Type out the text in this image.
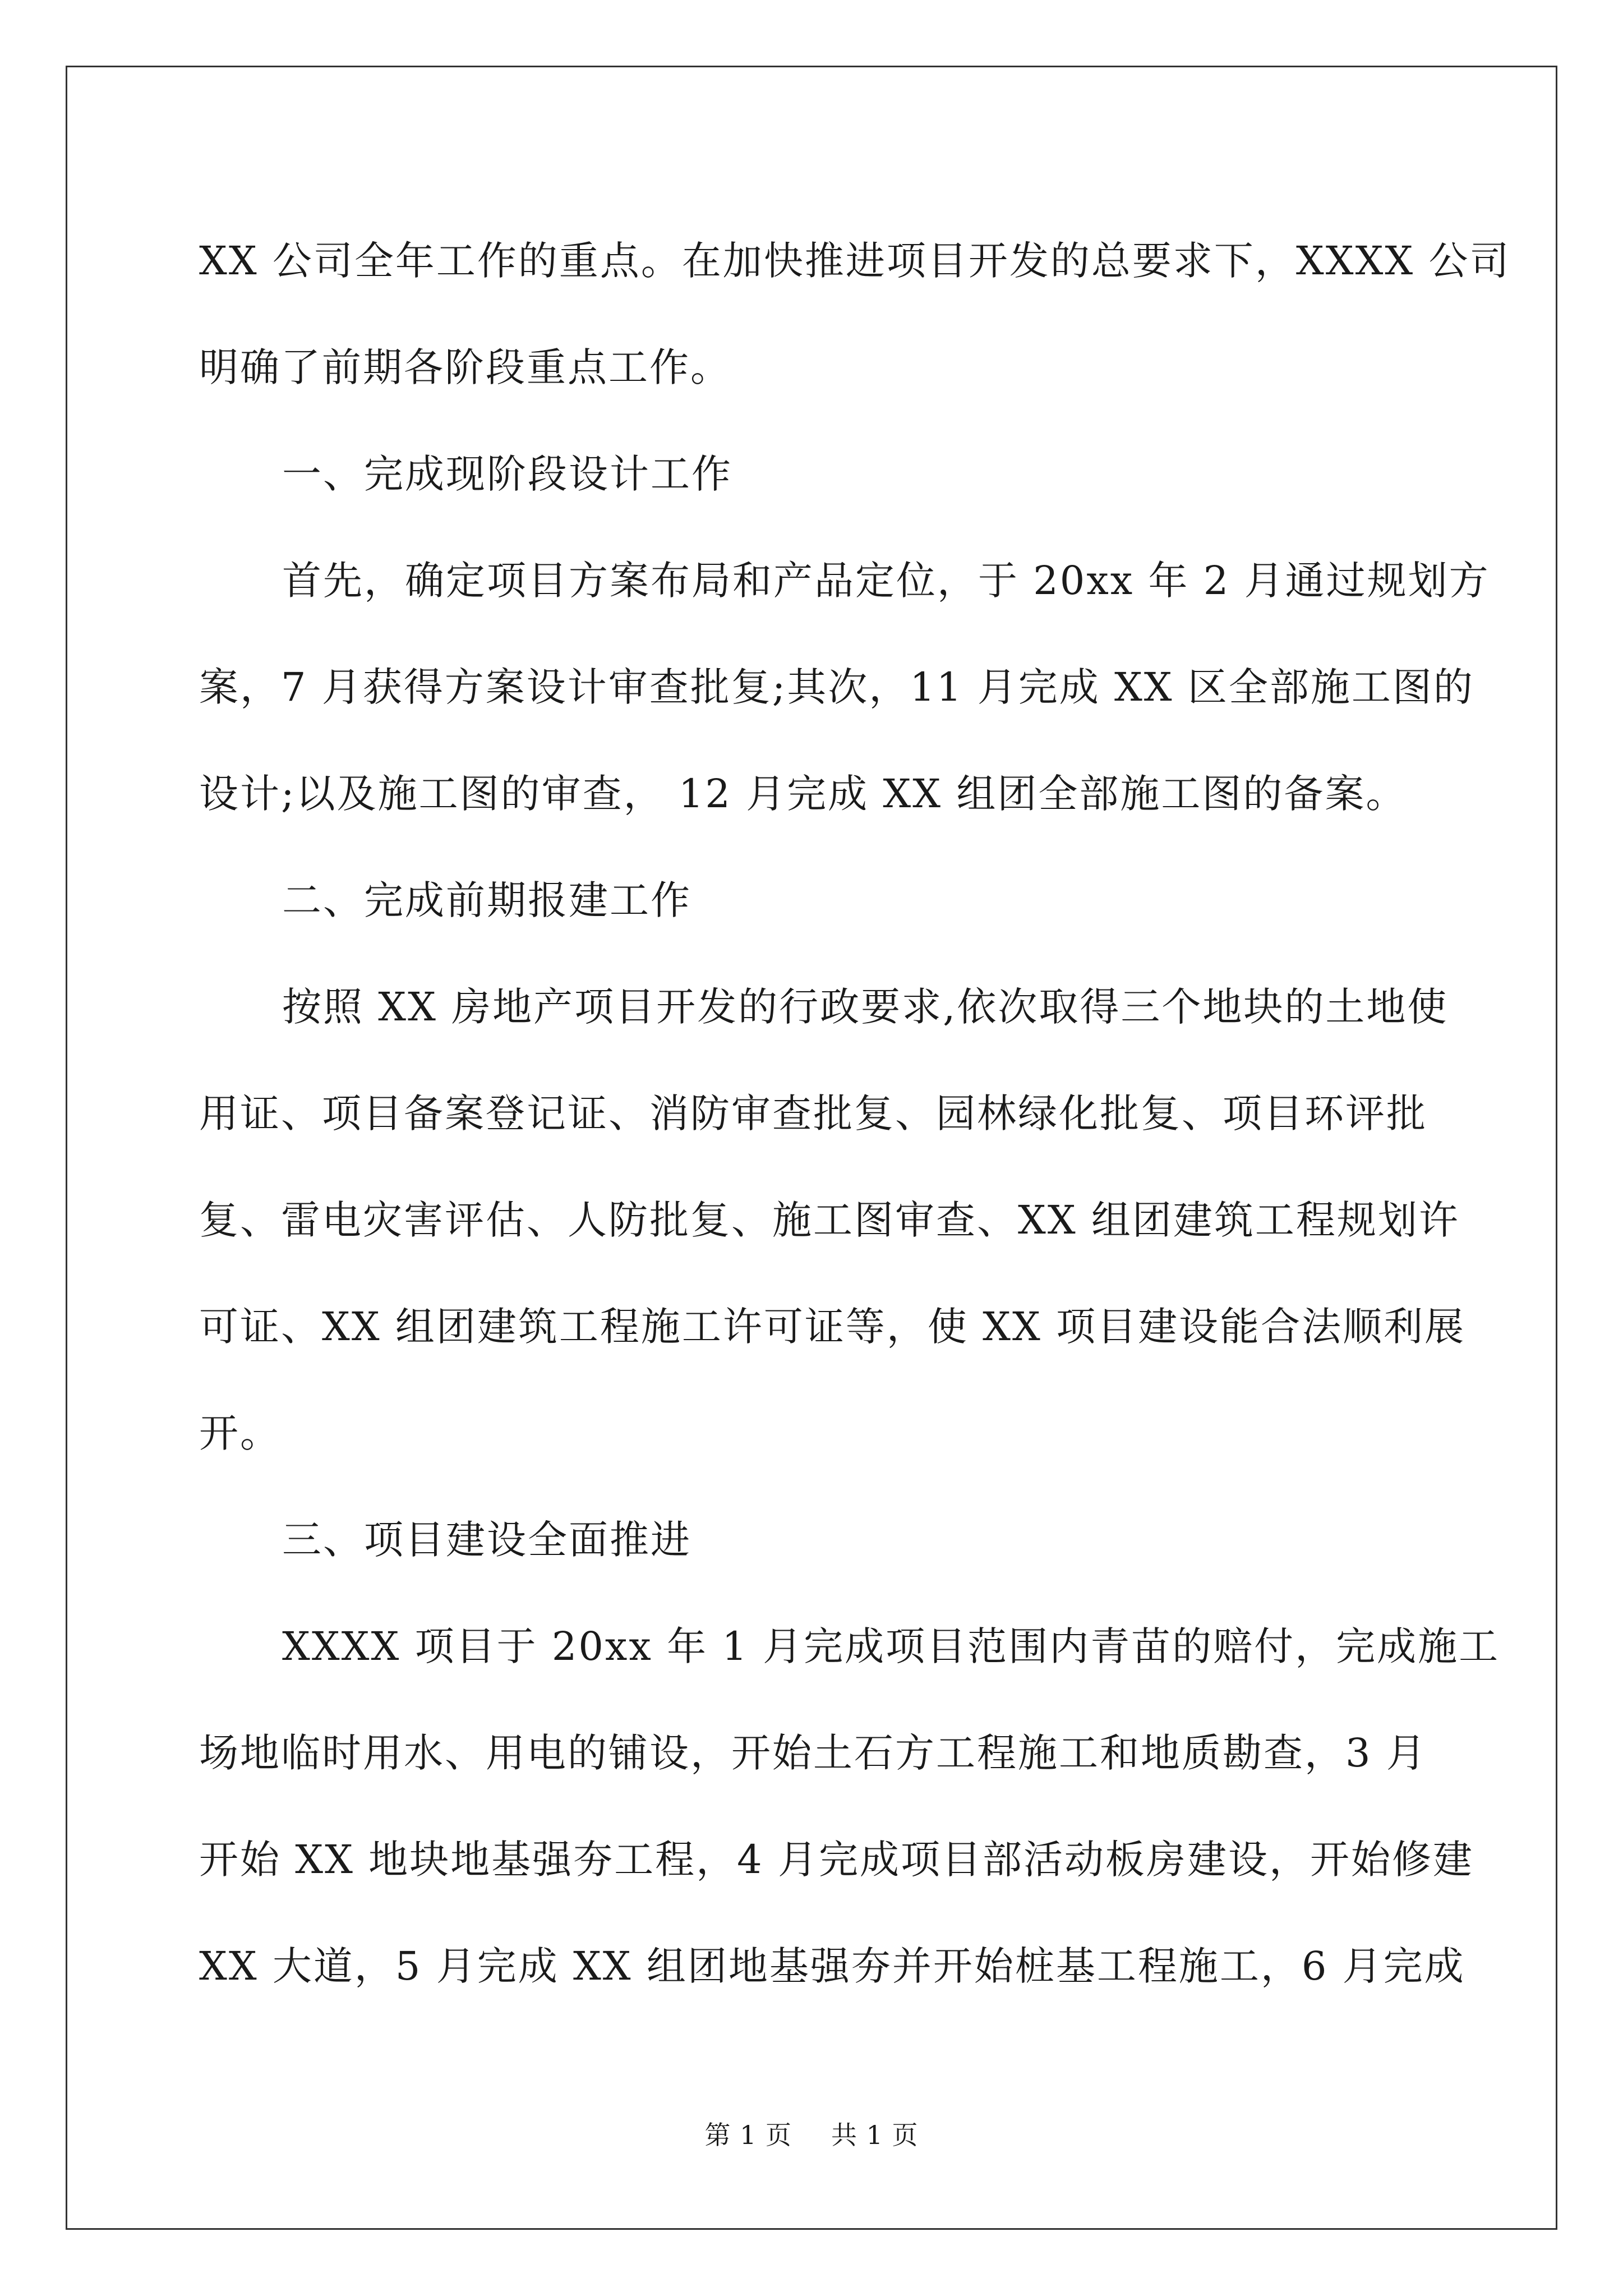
XX 公司全年工作的重点。在加快推进项目开发的总要求下，XXXX 公司
明确了前期各阶段重点工作。

一、完成现阶段设计工作

首先，确定项目方案布局和产品定位，于 20xx 年 2 月通过规划方
案，7 月获得方案设计审查批复;其次，11 月完成 XX 区全部施工图的
设计;以及施工图的审查， 12 月完成 XX 组团全部施工图的备案。

二、完成前期报建工作

按照 XX 房地产项目开发的行政要求,依次取得三个地块的土地使
用证、项目备案登记证、消防审查批复、园林绿化批复、项目环评批
复、雷电灾害评估、人防批复、施工图审查、XX 组团建筑工程规划许
可证、XX 组团建筑工程施工许可证等，使 XX 项目建设能合法顺利展
开。

三、项目建设全面推进

XXXX 项目于 20xx 年 1 月完成项目范围内青苗的赔付，完成施工
场地临时用水、用电的铺设，开始土石方工程施工和地质勘查，3 月
开始 XX 地块地基强夯工程，4 月完成项目部活动板房建设，开始修建
XX 大道，5 月完成 XX 组团地基强夯并开始桩基工程施工，6 月完成

第 1 页 共 1 页
